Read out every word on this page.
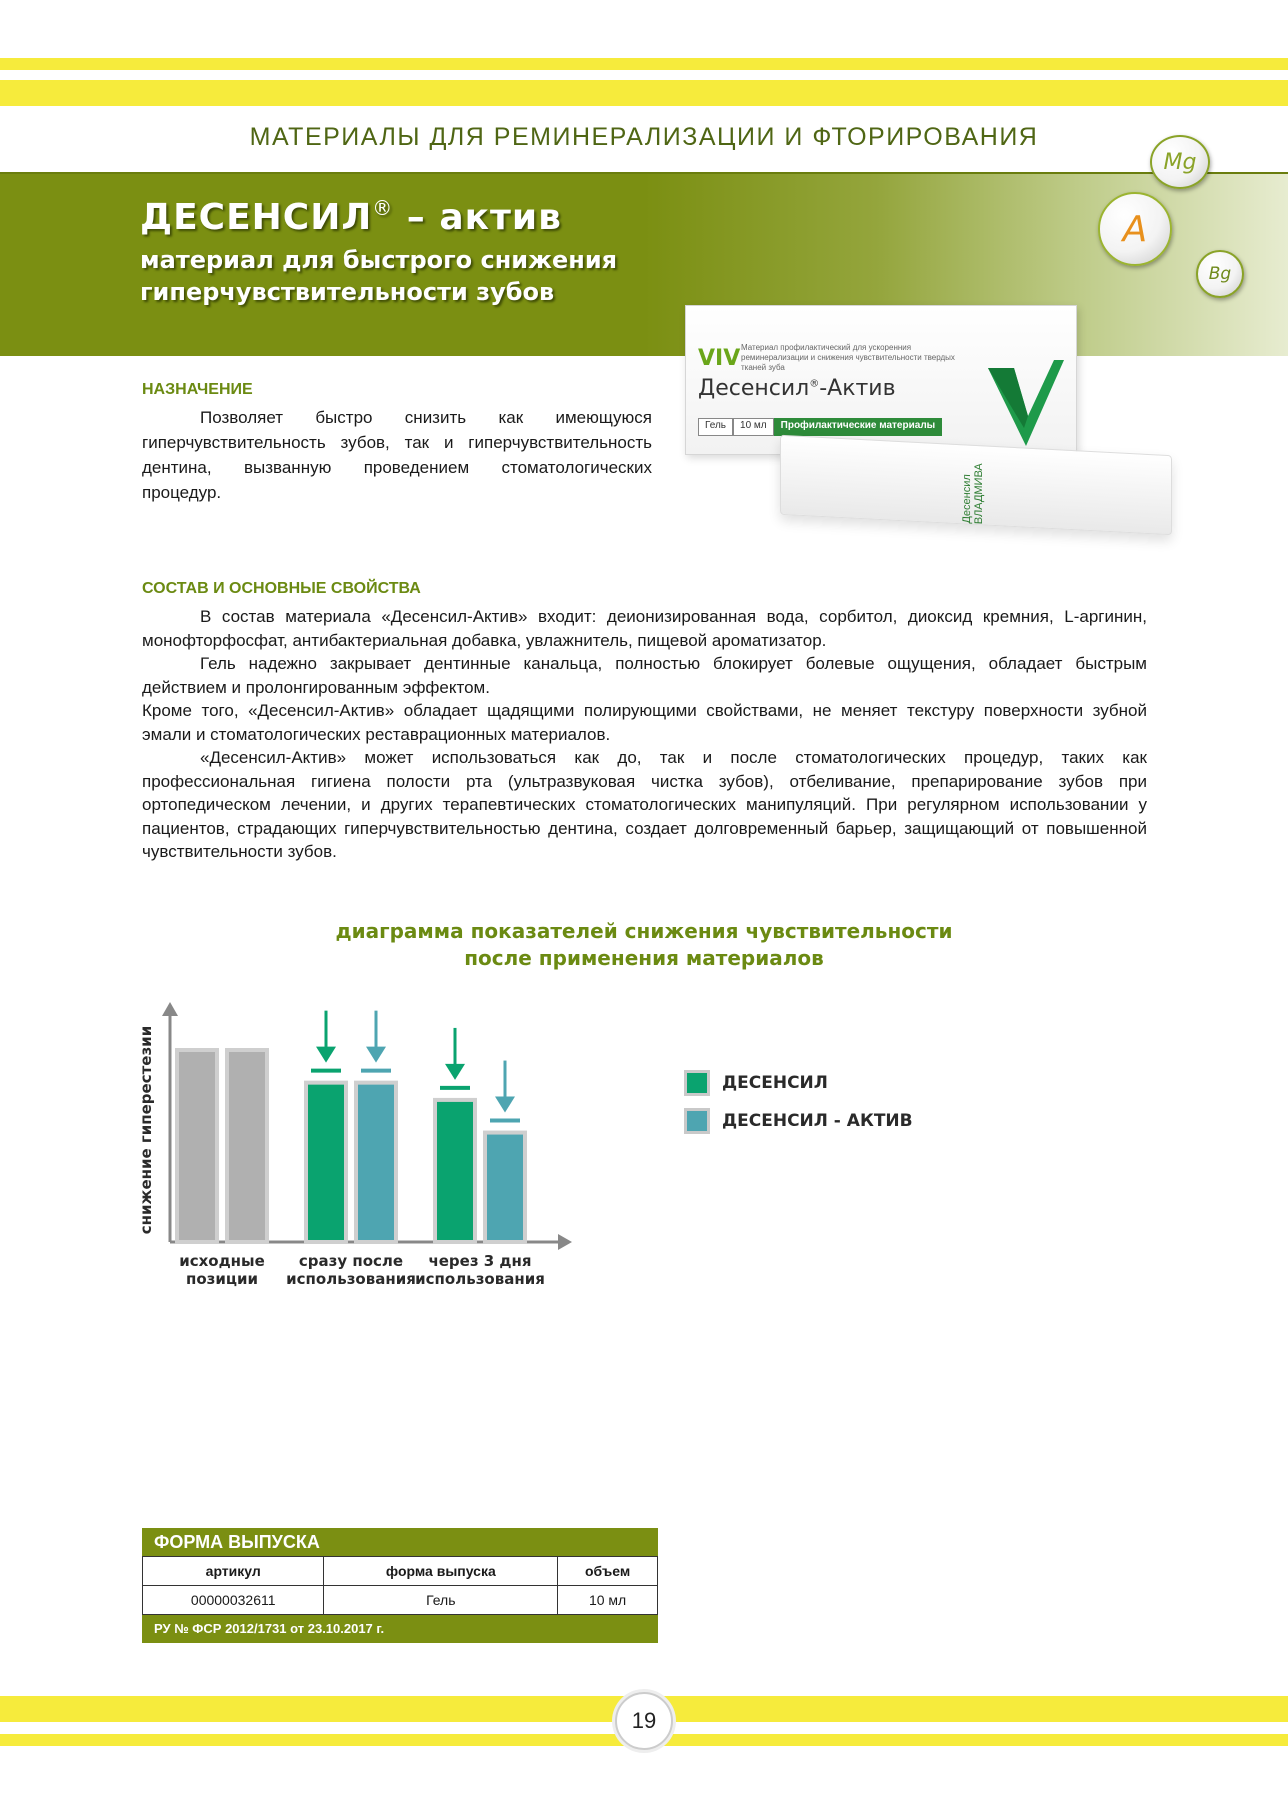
МАТЕРИАЛЫ ДЛЯ РЕМИНЕРАЛИЗАЦИИ И ФТОРИРОВАНИЯ
ДЕСЕНСИЛ® – актив
материал для быстрого снижения
гиперчувствительности зубов
Mg
A
Bg
VIV Материал профилактический для ускоренния реминерализации и снижения чувствительности твердых тканей зуба
Десенсил®-Актив
Гель	10 мл	Профилактические материалы
Десенсил ВЛАДМИВА
НАЗНАЧЕНИЕ

Позволяет быстро снизить как имеющуюся гиперчувствительность зубов, так и гиперчувствительность дентина, вызванную проведением стоматологических процедур.

СОСТАВ И ОСНОВНЫЕ СВОЙСТВА

В состав материала «Десенсил-Актив» входит: деионизированная вода, сорбитол, диоксид кремния, L-аргинин, монофторфосфат, антибактериальная добавка, увлажнитель, пищевой ароматизатор.

Гель надежно закрывает дентинные канальца, полностью блокирует болевые ощущения, обладает быстрым действием и пролонгированным эффектом.

Кроме того, «Десенсил-Актив» обладает щадящими полирующими свойствами, не меняет текстуру поверхности зубной эмали и стоматологических реставрационных материалов.

«Десенсил-Актив» может использоваться как до, так и после стоматологических процедур, таких как профессиональная гигиена полости рта (ультразвуковая чистка зубов), отбеливание, препарирование зубов при ортопедическом лечении, и других терапевтических стоматологических манипуляций. При регулярном использовании у пациентов, страдающих гиперчувствительностью дентина, создает долговременный барьер, защищающий от повышенной чувствительности зубов.

диаграмма показателей снижения чувствительности
после применения материалов
снижение гиперестезии
исходные
позиции
сразу после
использования
через 3 дня
использования
ДЕСЕНСИЛ
ДЕСЕНСИЛ - АКТИВ
ФОРМА ВЫПУСКА
артикул	форма выпуска	объем
00000032611	Гель	10 мл
РУ № ФСР 2012/1731 от 23.10.2017 г.
19
